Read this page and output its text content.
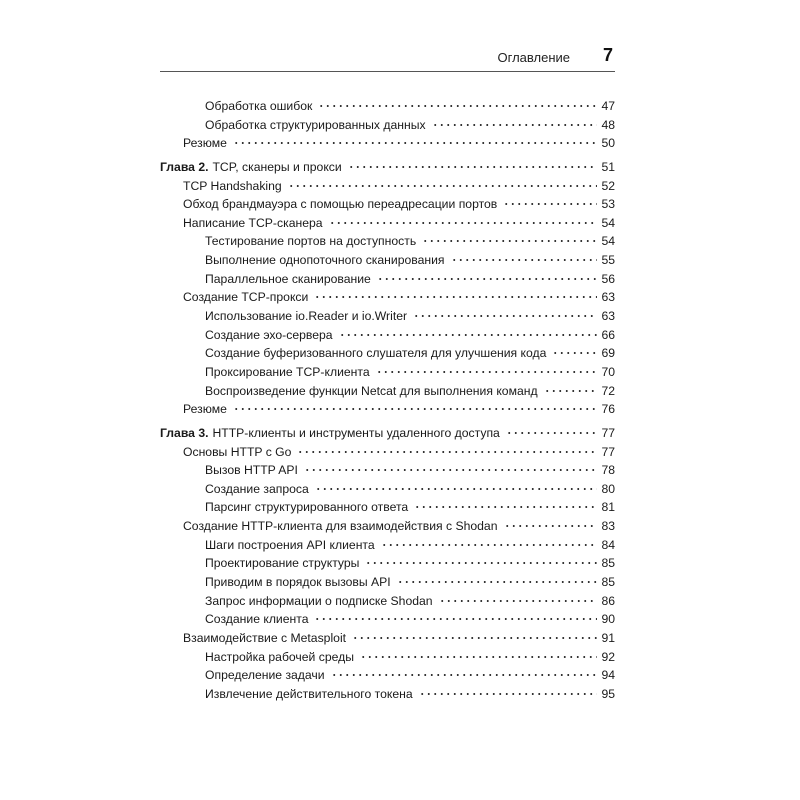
Оглавление 7
Обработка ошибок	47
Обработка структурированных данных	48
Резюме	50
Глава 2. TCP, сканеры и прокси	51
TCP Handshaking	52
Обход брандмауэра с помощью переадресации портов	53
Написание TCP-сканера	54
Тестирование портов на доступность	54
Выполнение однопоточного сканирования	55
Параллельное сканирование	56
Создание TCP-прокси	63
Использование io.Reader и io.Writer	63
Создание эхо-сервера	66
Создание буферизованного слушателя для улучшения кода	69
Проксирование TCP-клиента	70
Воспроизведение функции Netcat для выполнения команд	72
Резюме	76
Глава 3. HTTP-клиенты и инструменты удаленного доступа	77
Основы HTTP с Go	77
Вызов HTTP API	78
Создание запроса	80
Парсинг структурированного ответа	81
Создание HTTP-клиента для взаимодействия с Shodan	83
Шаги построения API клиента	84
Проектирование структуры	85
Приводим в порядок вызовы API	85
Запрос информации о подписке Shodan	86
Создание клиента	90
Взаимодействие с Metasploit	91
Настройка рабочей среды	92
Определение задачи	94
Извлечение действительного токена	95
